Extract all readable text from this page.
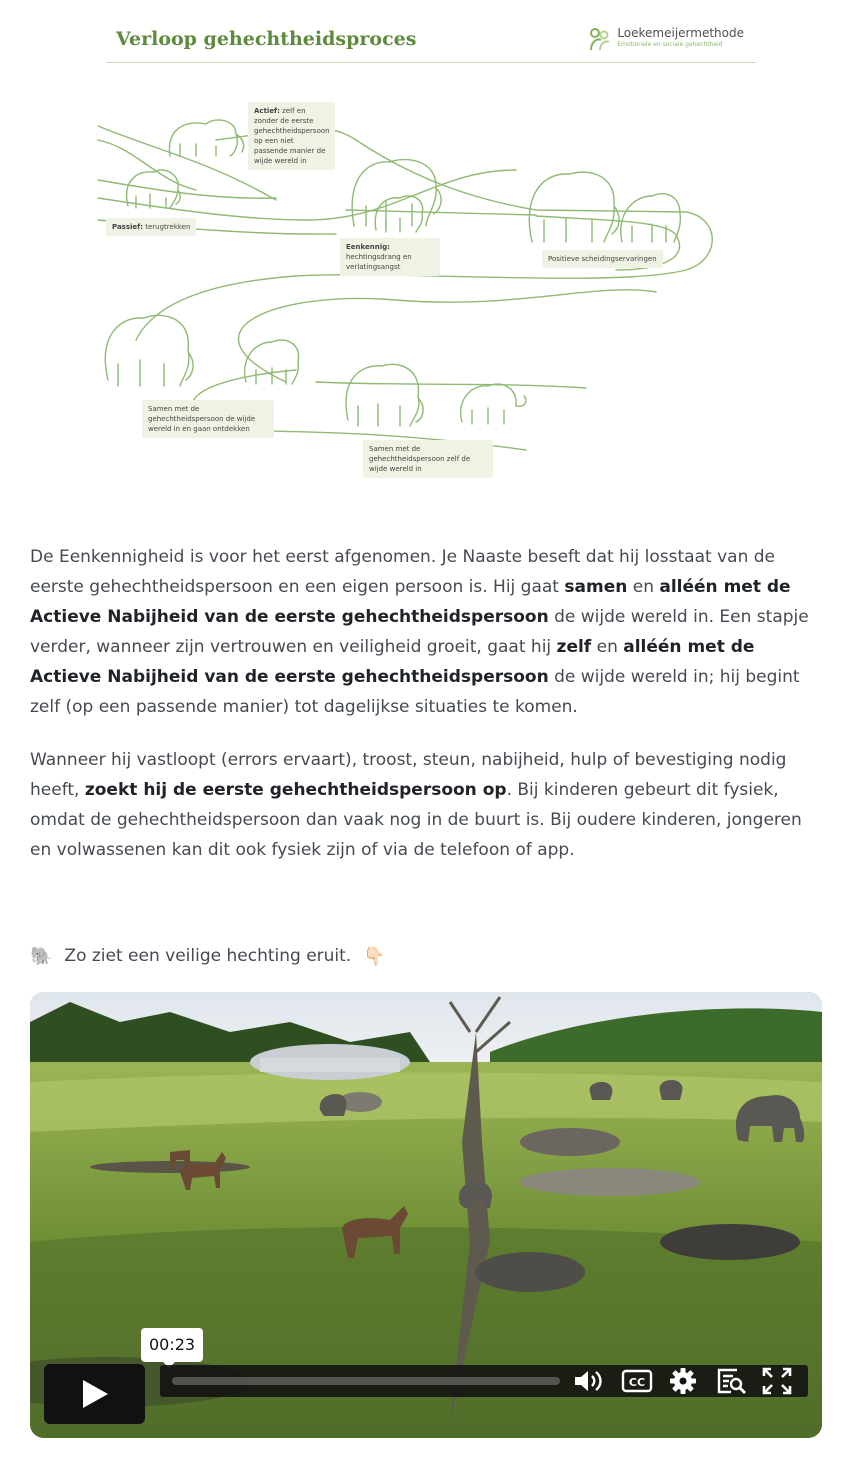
Verloop gehechtheidsproces	Loekemeijermethode
Emotionele en sociale gehechtheid
Actief: zelf en zonder de eerste gehechtheidspersoon op een niet passende manier de wijde wereld in
Passief: terugtrekken
Eenkennig: hechtingsdrang en verlatingsangst
Positieve scheidingservaringen
Samen met de gehechtheidspersoon de wijde wereld in en gaan ontdekken
Samen met de gehechtheidspersoon zelf de wijde wereld in

De Eenkennigheid is voor het eerst afgenomen. Je Naaste beseft dat hij losstaat van de eerste gehechtheidspersoon en een eigen persoon is. Hij gaat samen en alléén met de Actieve Nabijheid van de eerste gehechtheidspersoon de wijde wereld in. Een stapje verder, wanneer zijn vertrouwen en veiligheid groeit, gaat hij zelf en alléén met de Actieve Nabijheid van de eerste gehechtheidspersoon de wijde wereld in; hij begint zelf (op een passende manier) tot dagelijkse situaties te komen.

Wanneer hij vastloopt (errors ervaart), troost, steun, nabijheid, hulp of bevestiging nodig heeft, zoekt hij de eerste gehechtheidspersoon op. Bij kinderen gebeurt dit fysiek, omdat de gehechtheidspersoon dan vaak nog in de buurt is. Bij oudere kinderen, jongeren en volwassenen kan dit ook fysiek zijn of via de telefoon of app.

🐘 Zo ziet een veilige hechting eruit. 👇🏻
00:23
CC
